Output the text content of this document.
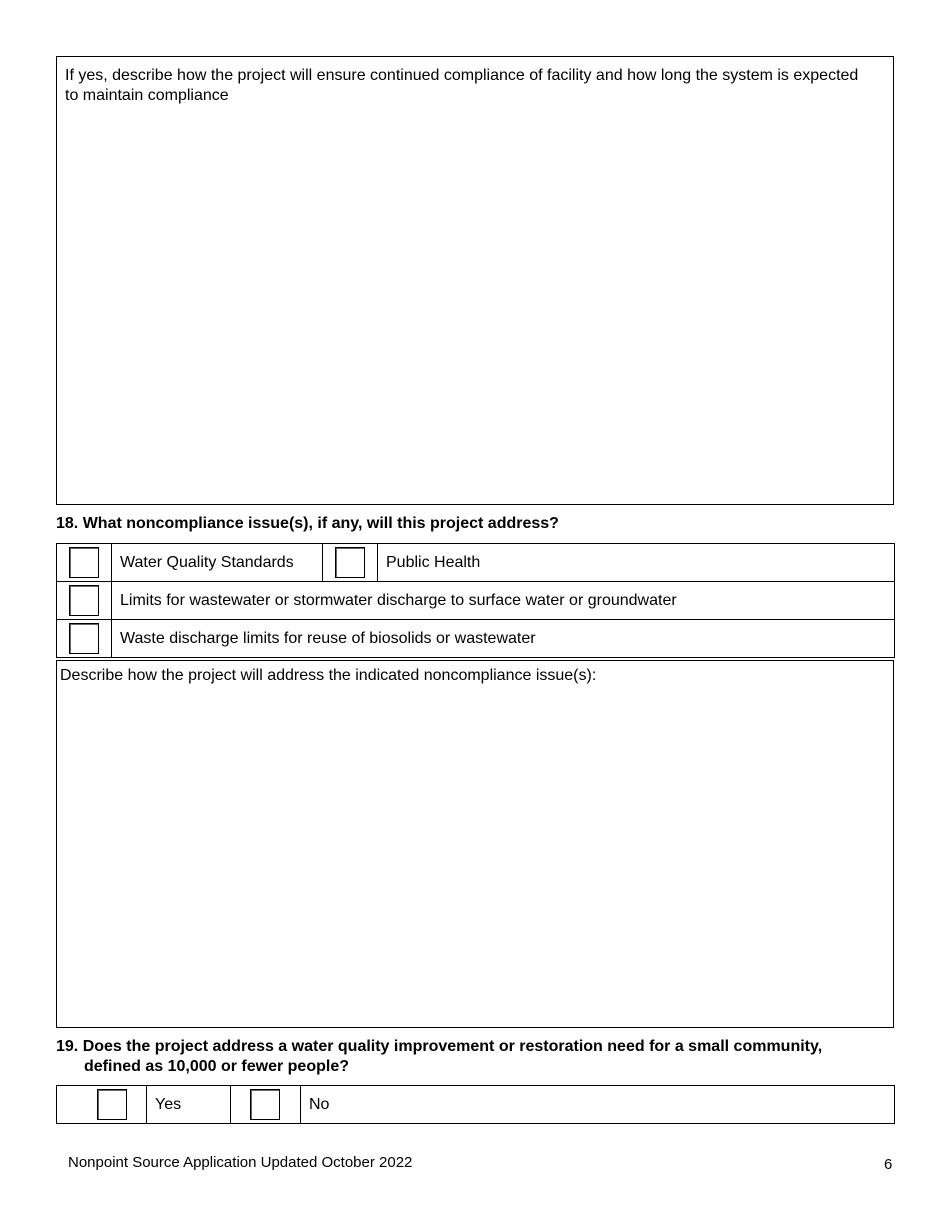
If yes, describe how the project will ensure continued compliance of facility and how long the system is expected to maintain compliance
18. What noncompliance issue(s), if any, will this project address?
	Water Quality Standards		Public Health
	Limits for wastewater or stormwater discharge to surface water or groundwater		
	Waste discharge limits for reuse of biosolids or wastewater		
Describe how the project will address the indicated noncompliance issue(s):
19. Does the project address a water quality improvement or restoration need for a small community,
defined as 10,000 or fewer people?
	Yes		No
Nonpoint Source Application Updated October 2022	6
